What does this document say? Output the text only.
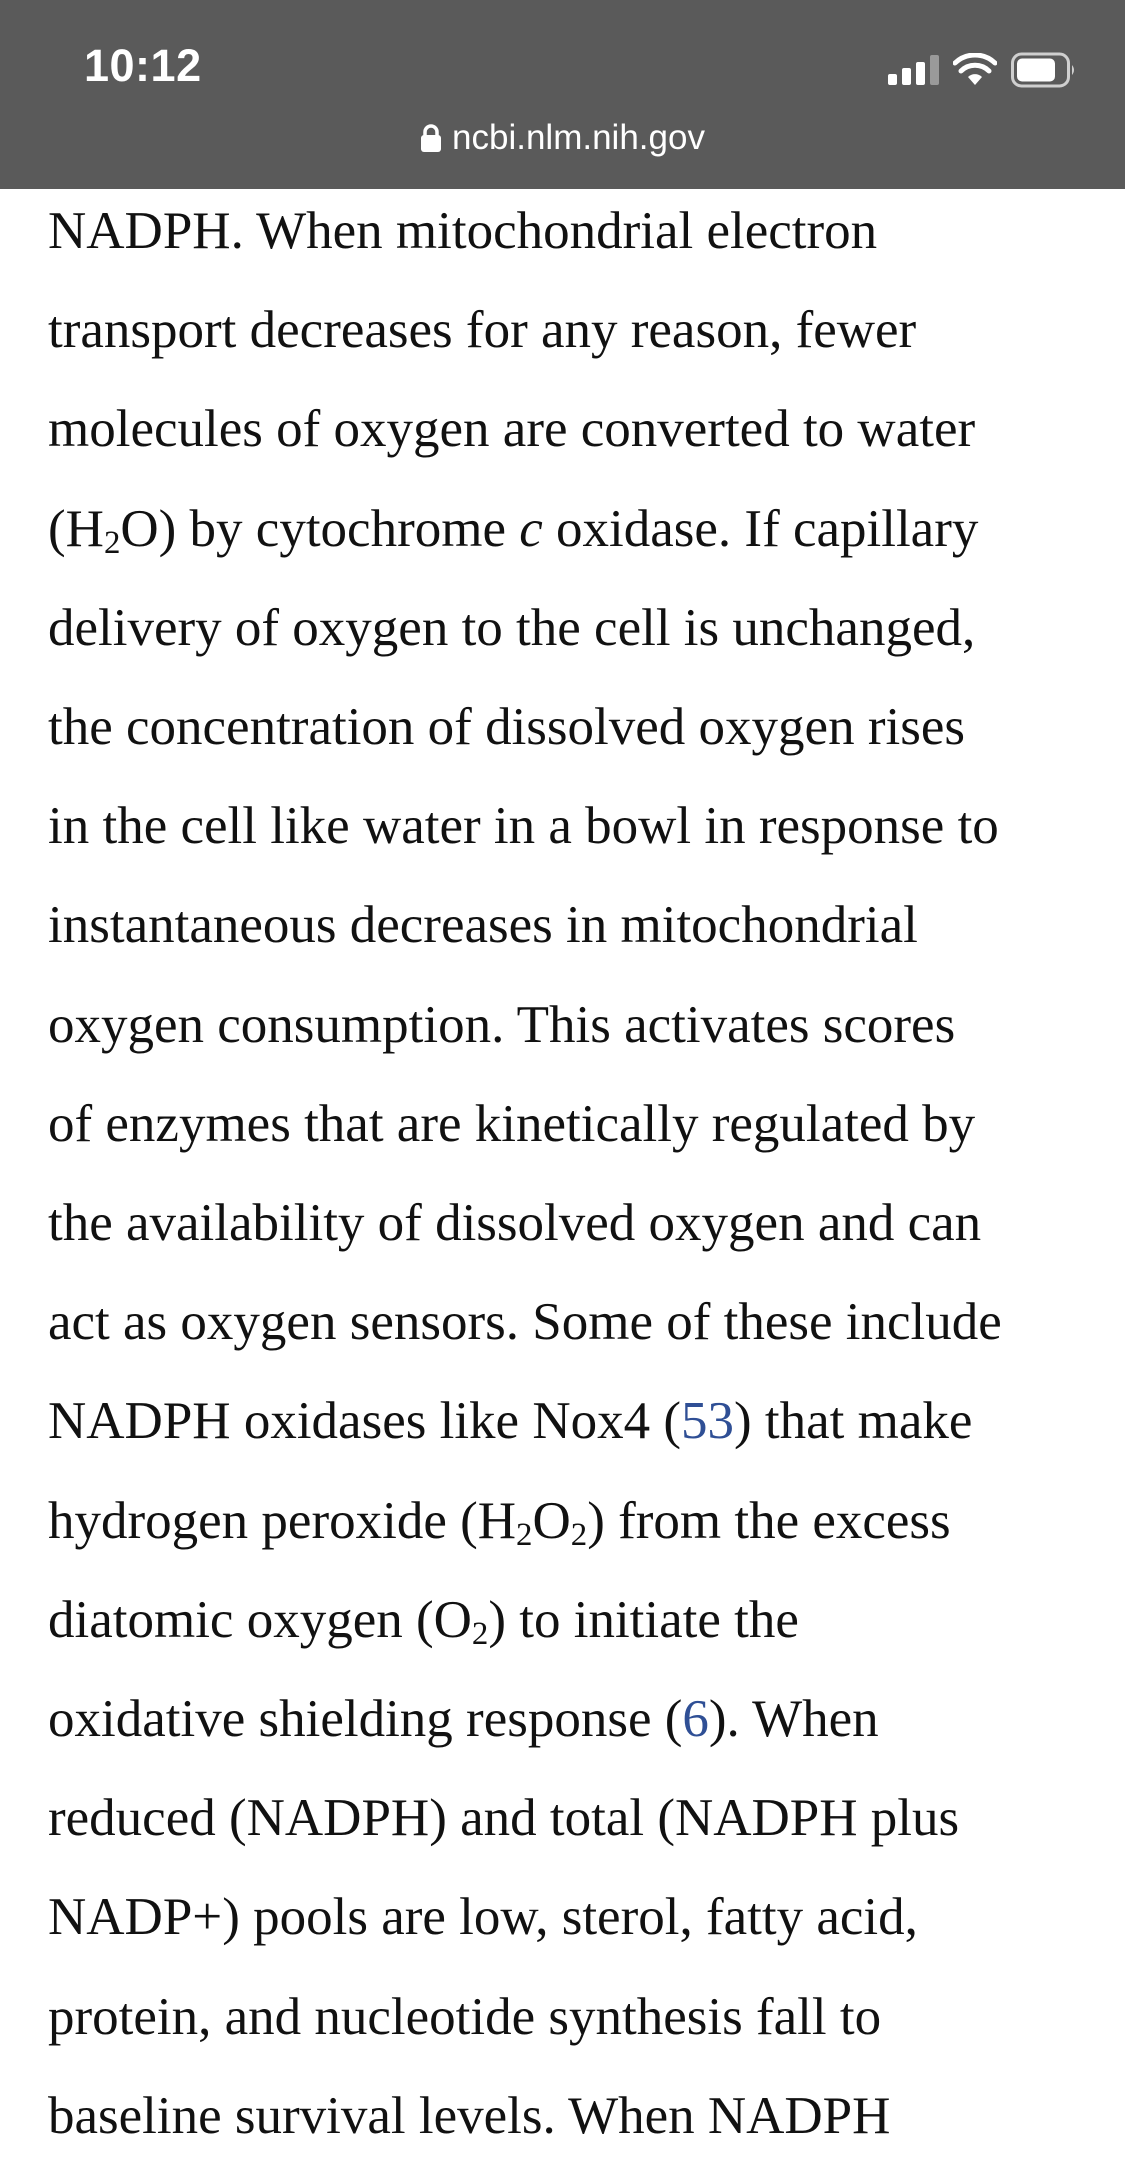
10:12
ncbi.nlm.nih.gov

NADPH. When mitochondrial electron
transport decreases for any reason, fewer
molecules of oxygen are converted to water
$(H_2O)$ by cytochrome c oxidase. If capillary
delivery of oxygen to the cell is unchanged,
the concentration of dissolved oxygen rises
in the cell like water in a bowl in response to
instantaneous decreases in mitochondrial
oxygen consumption. This activates scores
of enzymes that are kinetically regulated by
the availability of dissolved oxygen and can
act as oxygen sensors. Some of these include
NADPH oxidases like Nox4 (53) that make
hydrogen peroxide $(H_2O_2)$ from the excess
diatomic oxygen $(O_2)$ to initiate the
oxidative shielding response (6). When
reduced (NADPH) and total (NADPH plus
NADP+) pools are low, sterol, fatty acid,
protein, and nucleotide synthesis fall to
baseline survival levels. When NADPH
